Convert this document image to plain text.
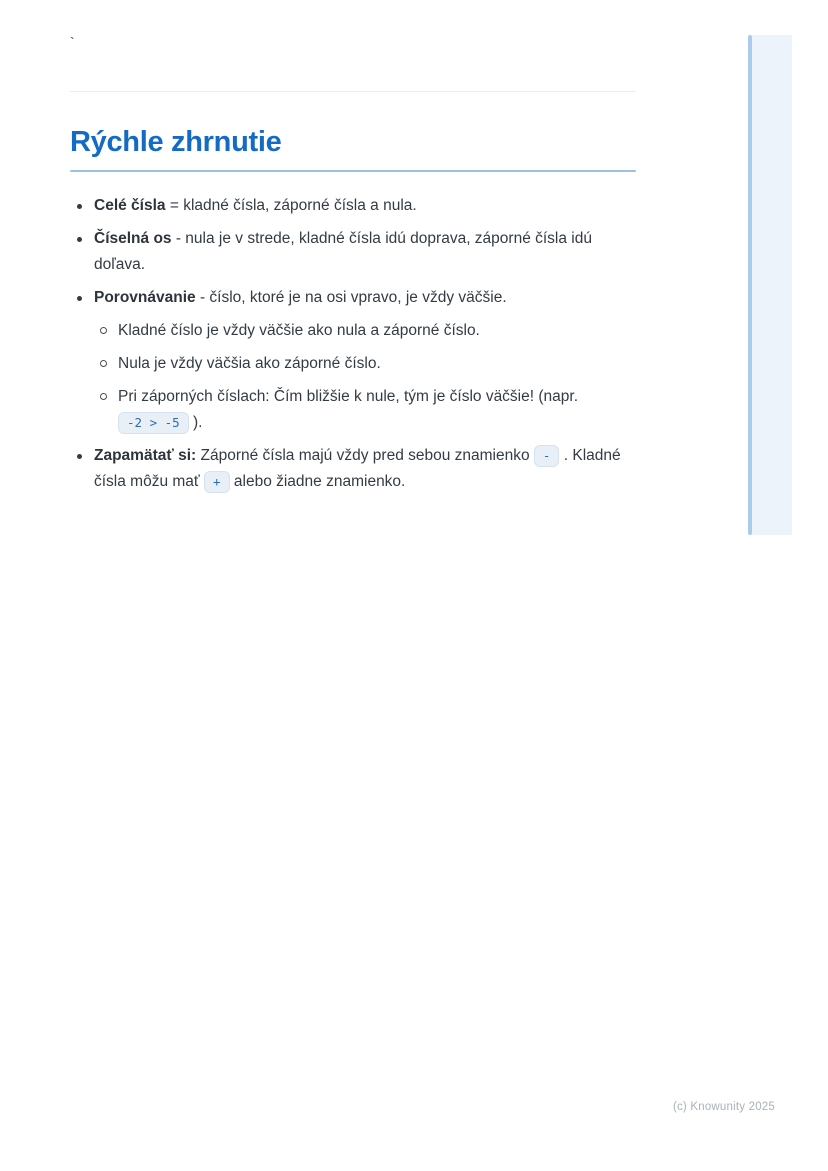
`
Rýchle zhrnutie
Celé čísla = kladné čísla, záporné čísla a nula.
Číselná os - nula je v strede, kladné čísla idú doprava, záporné čísla idú doľava.
Porovnávanie - číslo, ktoré je na osi vpravo, je vždy väčšie.
Kladné číslo je vždy väčšie ako nula a záporné číslo.
Nula je vždy väčšia ako záporné číslo.
Pri záporných číslach: Čím bližšie k nule, tým je číslo väčšie! (napr. -2 > -5 ).
Zapamätať si: Záporné čísla majú vždy pred sebou znamienko - . Kladné čísla môžu mať + alebo žiadne znamienko.
(c) Knowunity 2025
